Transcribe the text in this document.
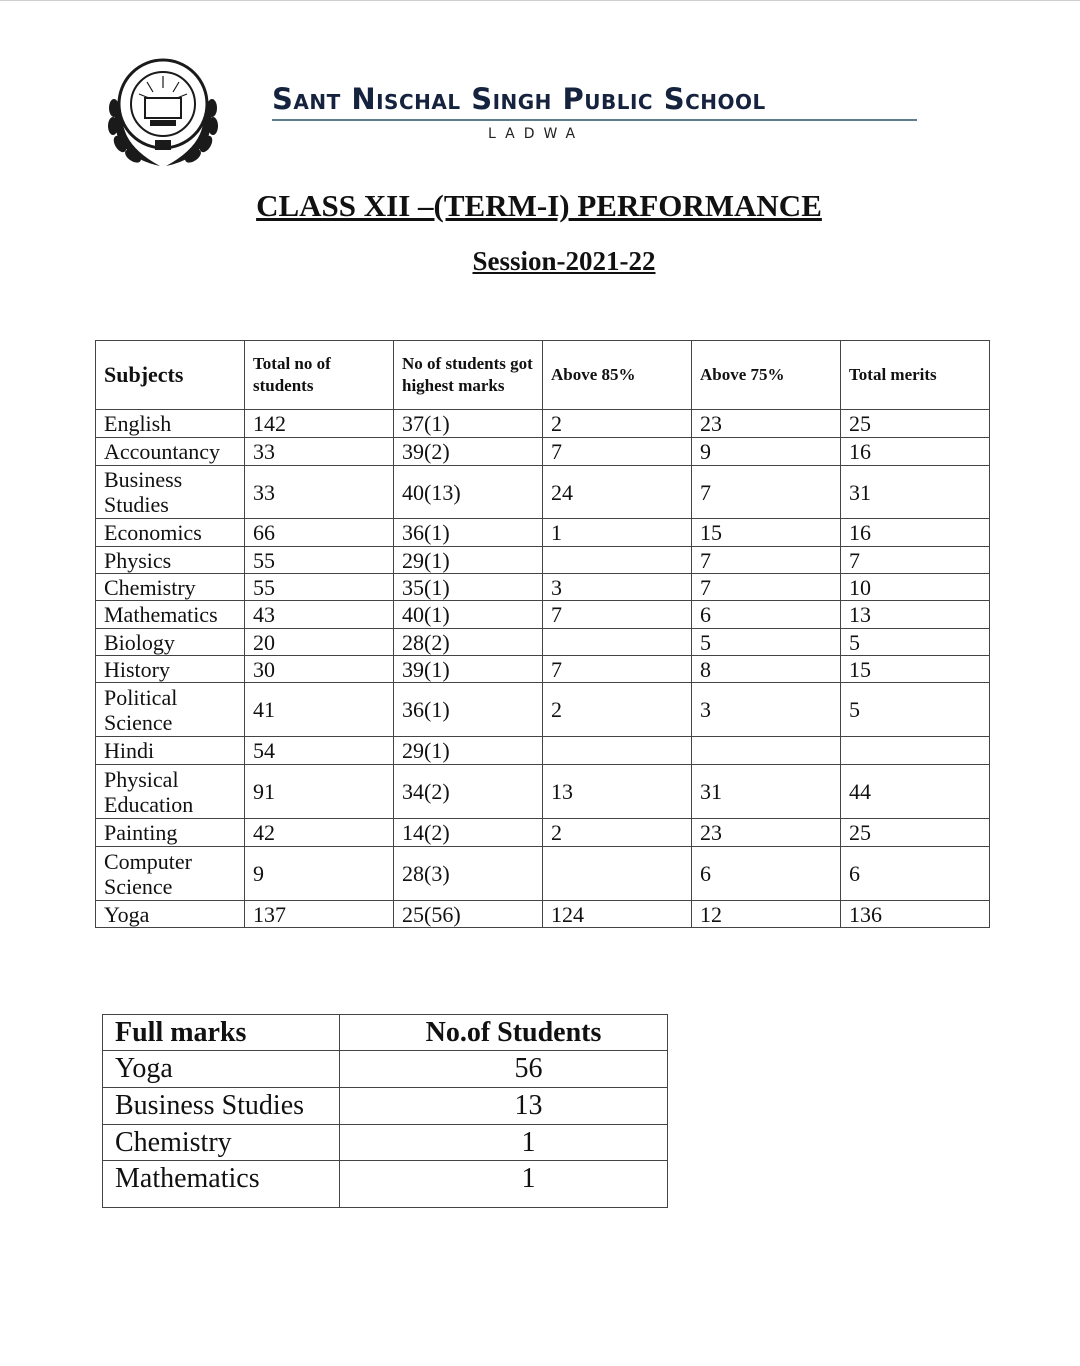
Sant Nischal Singh Public School
LADWA
CLASS XII –(TERM-I) PERFORMANCE
Session-2021-22
Subjects	Total no of students	No of students got highest marks	Above 85%	Above 75%	Total merits
English	142	37(1)	2	23	25
Accountancy	33	39(2)	7	9	16
Business Studies	33	40(13)	24	7	31
Economics	66	36(1)	1	15	16
Physics	55	29(1)		7	7
Chemistry	55	35(1)	3	7	10
Mathematics	43	40(1)	7	6	13
Biology	20	28(2)		5	5
History	30	39(1)	7	8	15
Political Science	41	36(1)	2	3	5
Hindi	54	29(1)			
Physical Education	91	34(2)	13	31	44
Painting	42	14(2)	2	23	25
Computer Science	9	28(3)		6	6
Yoga	137	25(56)	124	12	136
Full marks	No.of Students
Yoga	56
Business Studies	13
Chemistry	1
Mathematics	1
